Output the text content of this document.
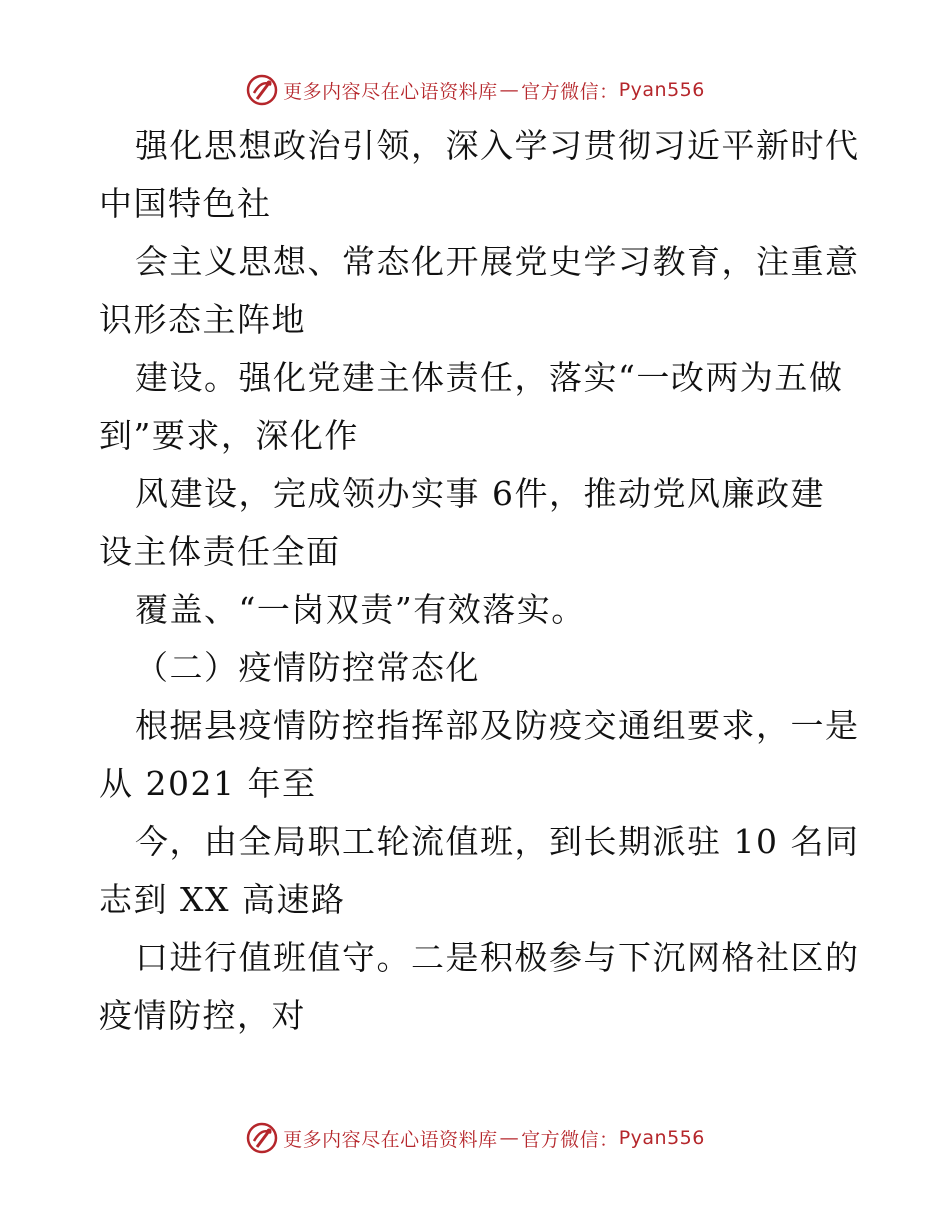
更多内容尽在心语资料库 — 官方微信： Pyan556
强化思想政治引领，深入学习贯彻习近平新时代
中国特色社
会主义思想、常态化开展党史学习教育，注重意
识形态主阵地
建设。强化党建主体责任，落实“一改两为五做
到”要求，深化作
风建设，完成领办实事 6件，推动党风廉政建
设主体责任全面
覆盖、“一岗双责”有效落实。
（二）疫情防控常态化
根据县疫情防控指挥部及防疫交通组要求，一是
从 2021 年至
今，由全局职工轮流值班，到长期派驻 10 名同
志到 XX 高速路
口进行值班值守。二是积极参与下沉网格社区的
疫情防控，对
更多内容尽在心语资料库 — 官方微信： Pyan556
